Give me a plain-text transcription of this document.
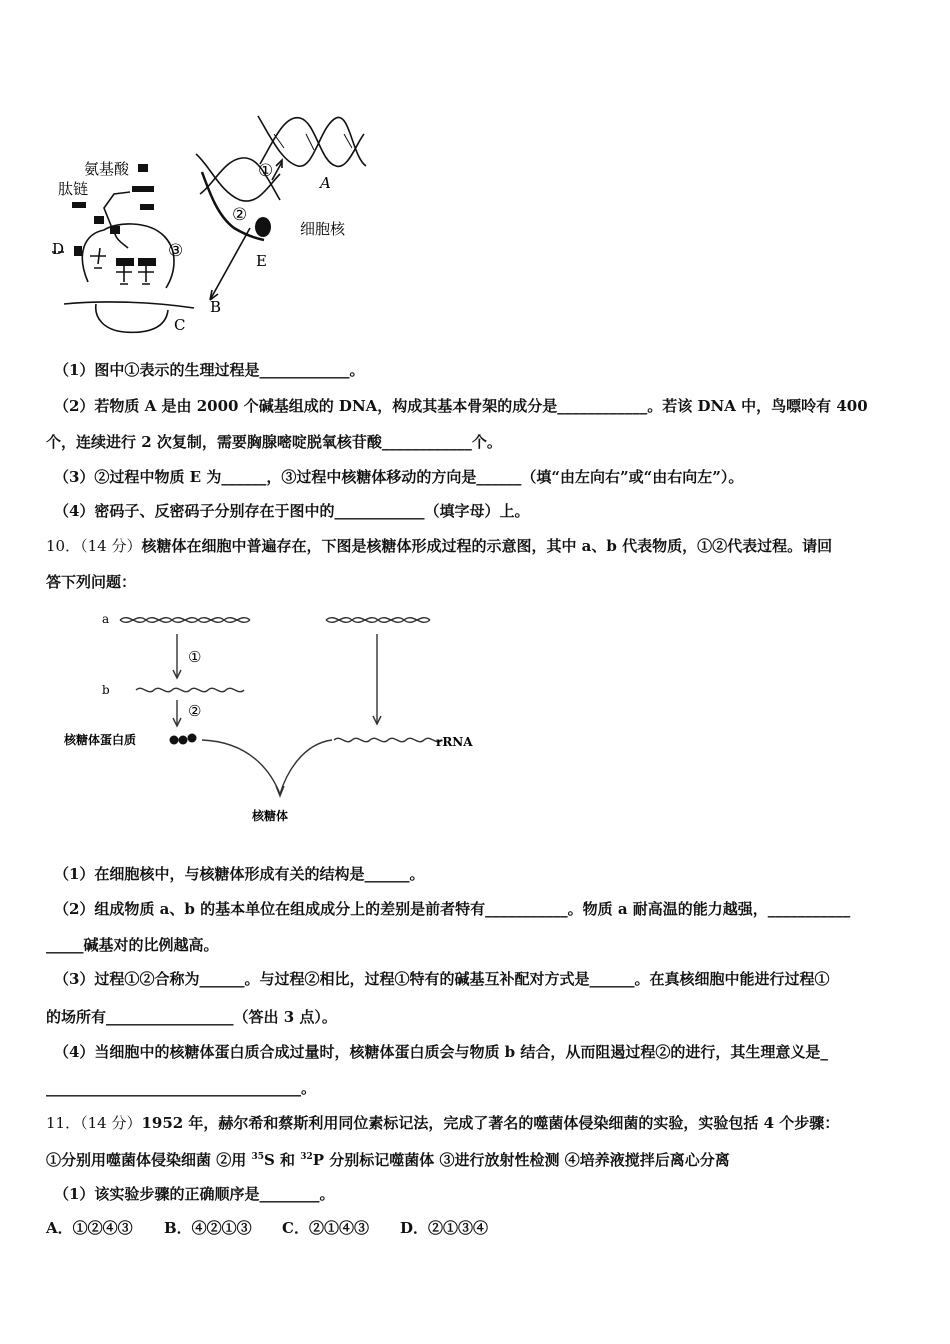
氨基酸
肽链
D
①
②
③
A
细胞核
E
B
C
（1）图中①表示的生理过程是____________。
（2）若物质 A 是由 2000 个碱基组成的 DNA，构成其基本骨架的成分是____________。若该 DNA 中，鸟嘌呤有 400
个，连续进行 2 次复制，需要胸腺嘧啶脱氧核苷酸____________个。
（3）②过程中物质 E 为______，③过程中核糖体移动的方向是______（填“由左向右”或“由右向左”）。
（4）密码子、反密码子分别存在于图中的____________（填字母）上。
10．（14 分）核糖体在细胞中普遍存在，下图是核糖体形成过程的示意图，其中 a、b 代表物质，①②代表过程。请回
答下列问题：
a
b
①
②
核糖体蛋白质	rRNA
核糖体
（1）在细胞核中，与核糖体形成有关的结构是______。
（2）组成物质 a、b 的基本单位在组成成分上的差别是前者特有___________。物质 a 耐高温的能力越强，___________
_____碱基对的比例越高。
（3）过程①②合称为______。与过程②相比，过程①特有的碱基互补配对方式是______。在真核细胞中能进行过程①
的场所有_________________（答出 3 点）。
（4）当细胞中的核糖体蛋白质合成过量时，核糖体蛋白质会与物质 b 结合，从而阻遏过程②的进行，其生理意义是_
__________________________________。
11．（14 分）1952 年，赫尔希和蔡斯利用同位素标记法，完成了著名的噬菌体侵染细菌的实验，实验包括 4 个步骤：
①分别用噬菌体侵染细菌 ②用 $^{35}$S 和 $^{32}$P 分别标记噬菌体 ③进行放射性检测 ④培养液搅拌后离心分离
（1）该实验步骤的正确顺序是________。
A．①②④③ B．④②①③ C．②①④③ D．②①③④
